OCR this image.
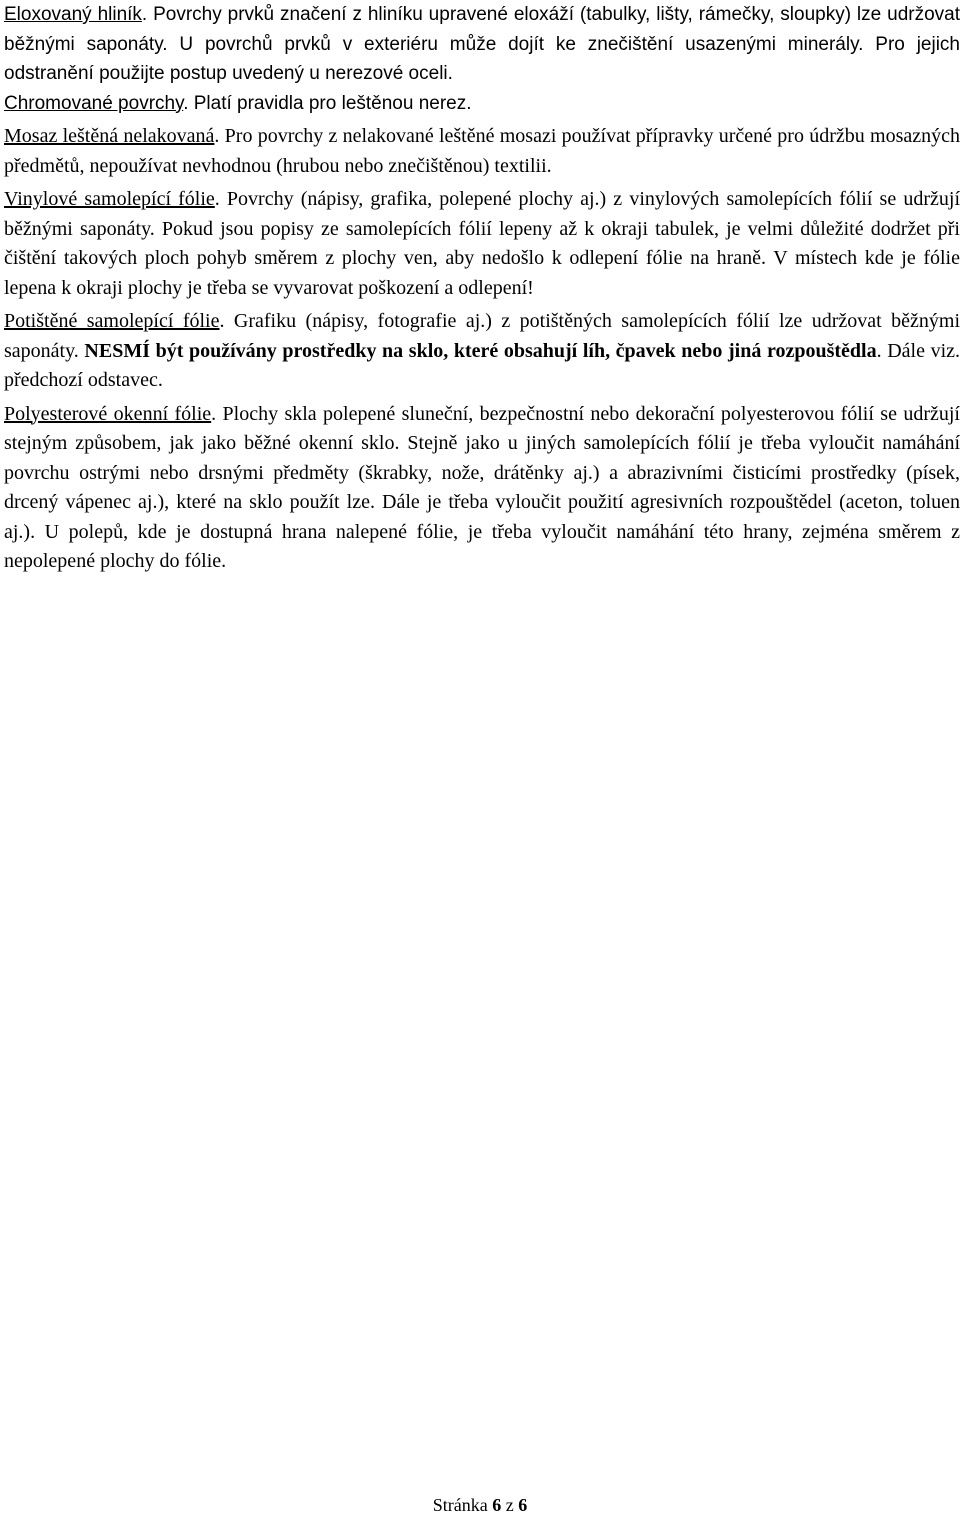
Eloxovaný hliník. Povrchy prvků značení z hliníku upravené eloxáží (tabulky, lišty, rámečky, sloupky) lze udržovat běžnými saponáty. U povrchů prvků v exteriéru může dojít ke znečištění usazenými minerály. Pro jejich odstranění použijte postup uvedený u nerezové oceli.

Chromované povrchy. Platí pravidla pro leštěnou nerez.

Mosaz leštěná nelakovaná. Pro povrchy z nelakované leštěné mosazi používat přípravky určené pro údržbu mosazných předmětů, nepoužívat nevhodnou (hrubou nebo znečištěnou) textilii.

Vinylové samolepící fólie. Povrchy (nápisy, grafika, polepené plochy aj.) z vinylových samolepících fólií se udržují běžnými saponáty. Pokud jsou popisy ze samolepících fólií lepeny až k okraji tabulek, je velmi důležité dodržet při čištění takových ploch pohyb směrem z plochy ven, aby nedošlo k odlepení fólie na hraně. V místech kde je fólie lepena k okraji plochy je třeba se vyvarovat poškození a odlepení!

Potištěné samolepící fólie. Grafiku (nápisy, fotografie aj.) z potištěných samolepících fólií lze udržovat běžnými saponáty. NESMÍ být používány prostředky na sklo, které obsahují líh, čpavek nebo jiná rozpouštědla. Dále viz. předchozí odstavec.

Polyesterové okenní fólie. Plochy skla polepené sluneční, bezpečnostní nebo dekorační polyesterovou fólií se udržují stejným způsobem, jak jako běžné okenní sklo. Stejně jako u jiných samolepících fólií je třeba vyloučit namáhání povrchu ostrými nebo drsnými předměty (škrabky, nože, drátěnky aj.) a abrazivními čisticími prostředky (písek, drcený vápenec aj.), které na sklo použít lze. Dále je třeba vyloučit použití agresivních rozpouštědel (aceton, toluen aj.). U polepů, kde je dostupná hrana nalepené fólie, je třeba vyloučit namáhání této hrany, zejména směrem z nepolepené plochy do fólie.

Stránka 6 z 6
